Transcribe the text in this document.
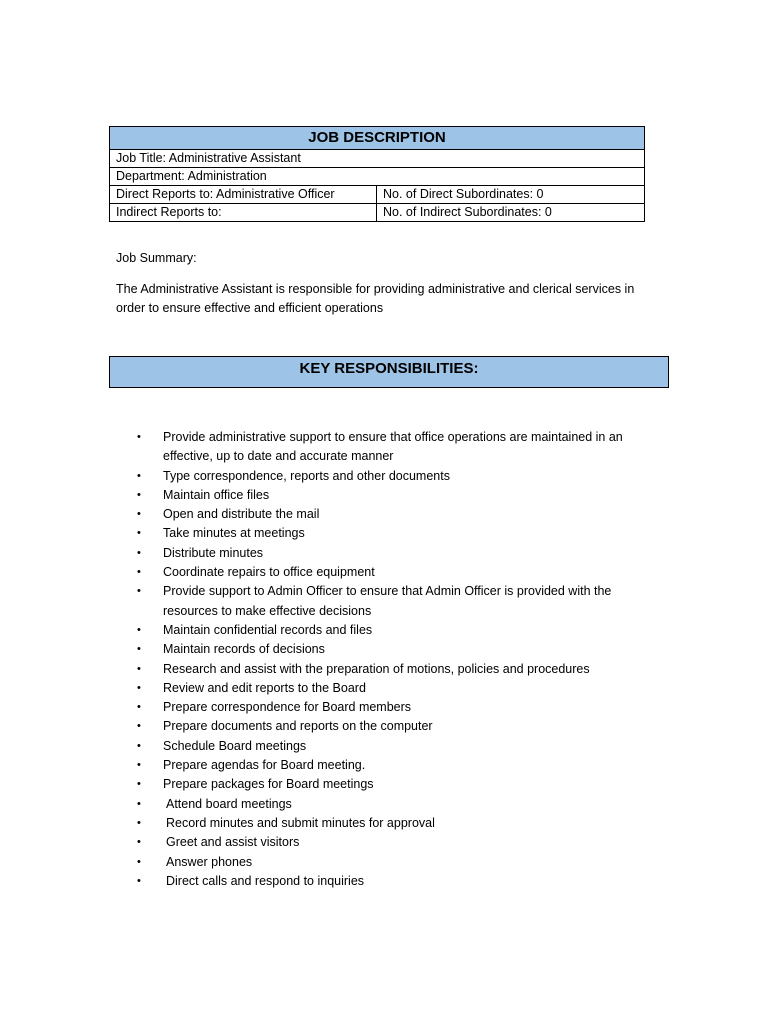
JOB DESCRIPTION	
Job Title: Administrative Assistant	
Department: Administration	
Direct Reports to: Administrative Officer	No. of Direct Subordinates: 0
Indirect Reports to:	No. of Indirect Subordinates: 0
Job Summary:
The Administrative Assistant is responsible for providing administrative and clerical services in order to ensure effective and efficient operations
KEY RESPONSIBILITIES:
• Provide administrative support to ensure that office operations are maintained in an effective, up to date and accurate manner
• Type correspondence, reports and other documents
• Maintain office files
• Open and distribute the mail
• Take minutes at meetings
• Distribute minutes
• Coordinate repairs to office equipment
• Provide support to Admin Officer to ensure that Admin Officer is provided with the resources to make effective decisions
• Maintain confidential records and files
• Maintain records of decisions
• Research and assist with the preparation of motions, policies and procedures
• Review and edit reports to the Board
• Prepare correspondence for Board members
• Prepare documents and reports on the computer
• Schedule Board meetings
• Prepare agendas for Board meeting.
• Prepare packages for Board meetings
• Attend board meetings
• Record minutes and submit minutes for approval
• Greet and assist visitors
• Answer phones
• Direct calls and respond to inquiries
